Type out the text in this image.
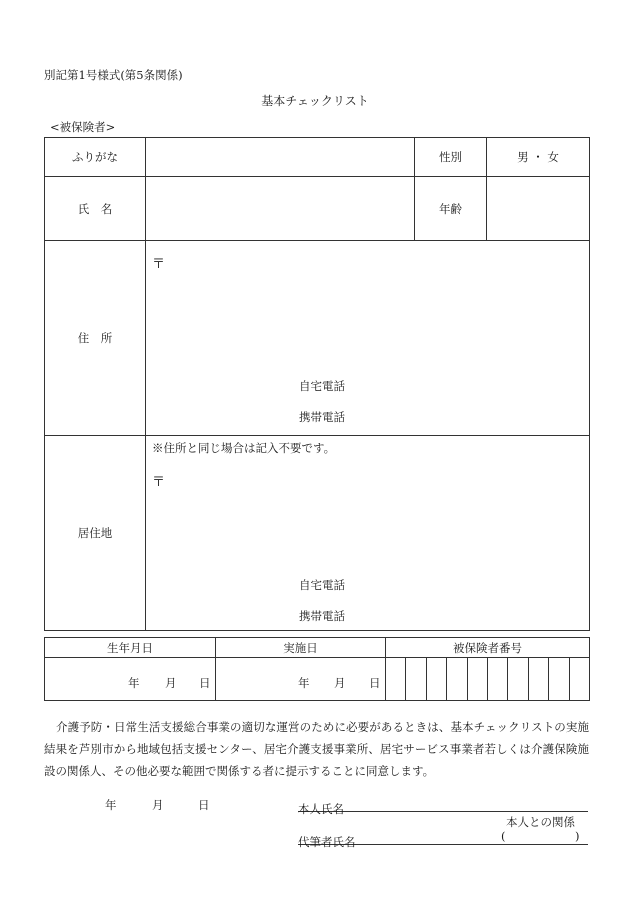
別記第1号様式(第5条関係)
基本チェックリスト
<被保険者>
ふりがな		性別	男 ・ 女
氏　名		年齢	
住　所	〒
自宅電話
携帯電話		

居住地	※住所と同じ場合は記入不要です。
〒
自宅電話
携帯電話		
生年月日	実施日	被保険者番号

年 月 日	年 月 日	

介護予防・日常生活支援総合事業の適切な運営のために必要があるときは、基本チェックリストの実施結果を芦別市から地域包括支援センター、居宅介護支援事業所、居宅サービス事業者若しくは介護保険施設の関係人、その他必要な範囲で関係する者に提示することに同意します。
年	月	日	本人氏名
本人との関係
代筆者氏名	(	)
